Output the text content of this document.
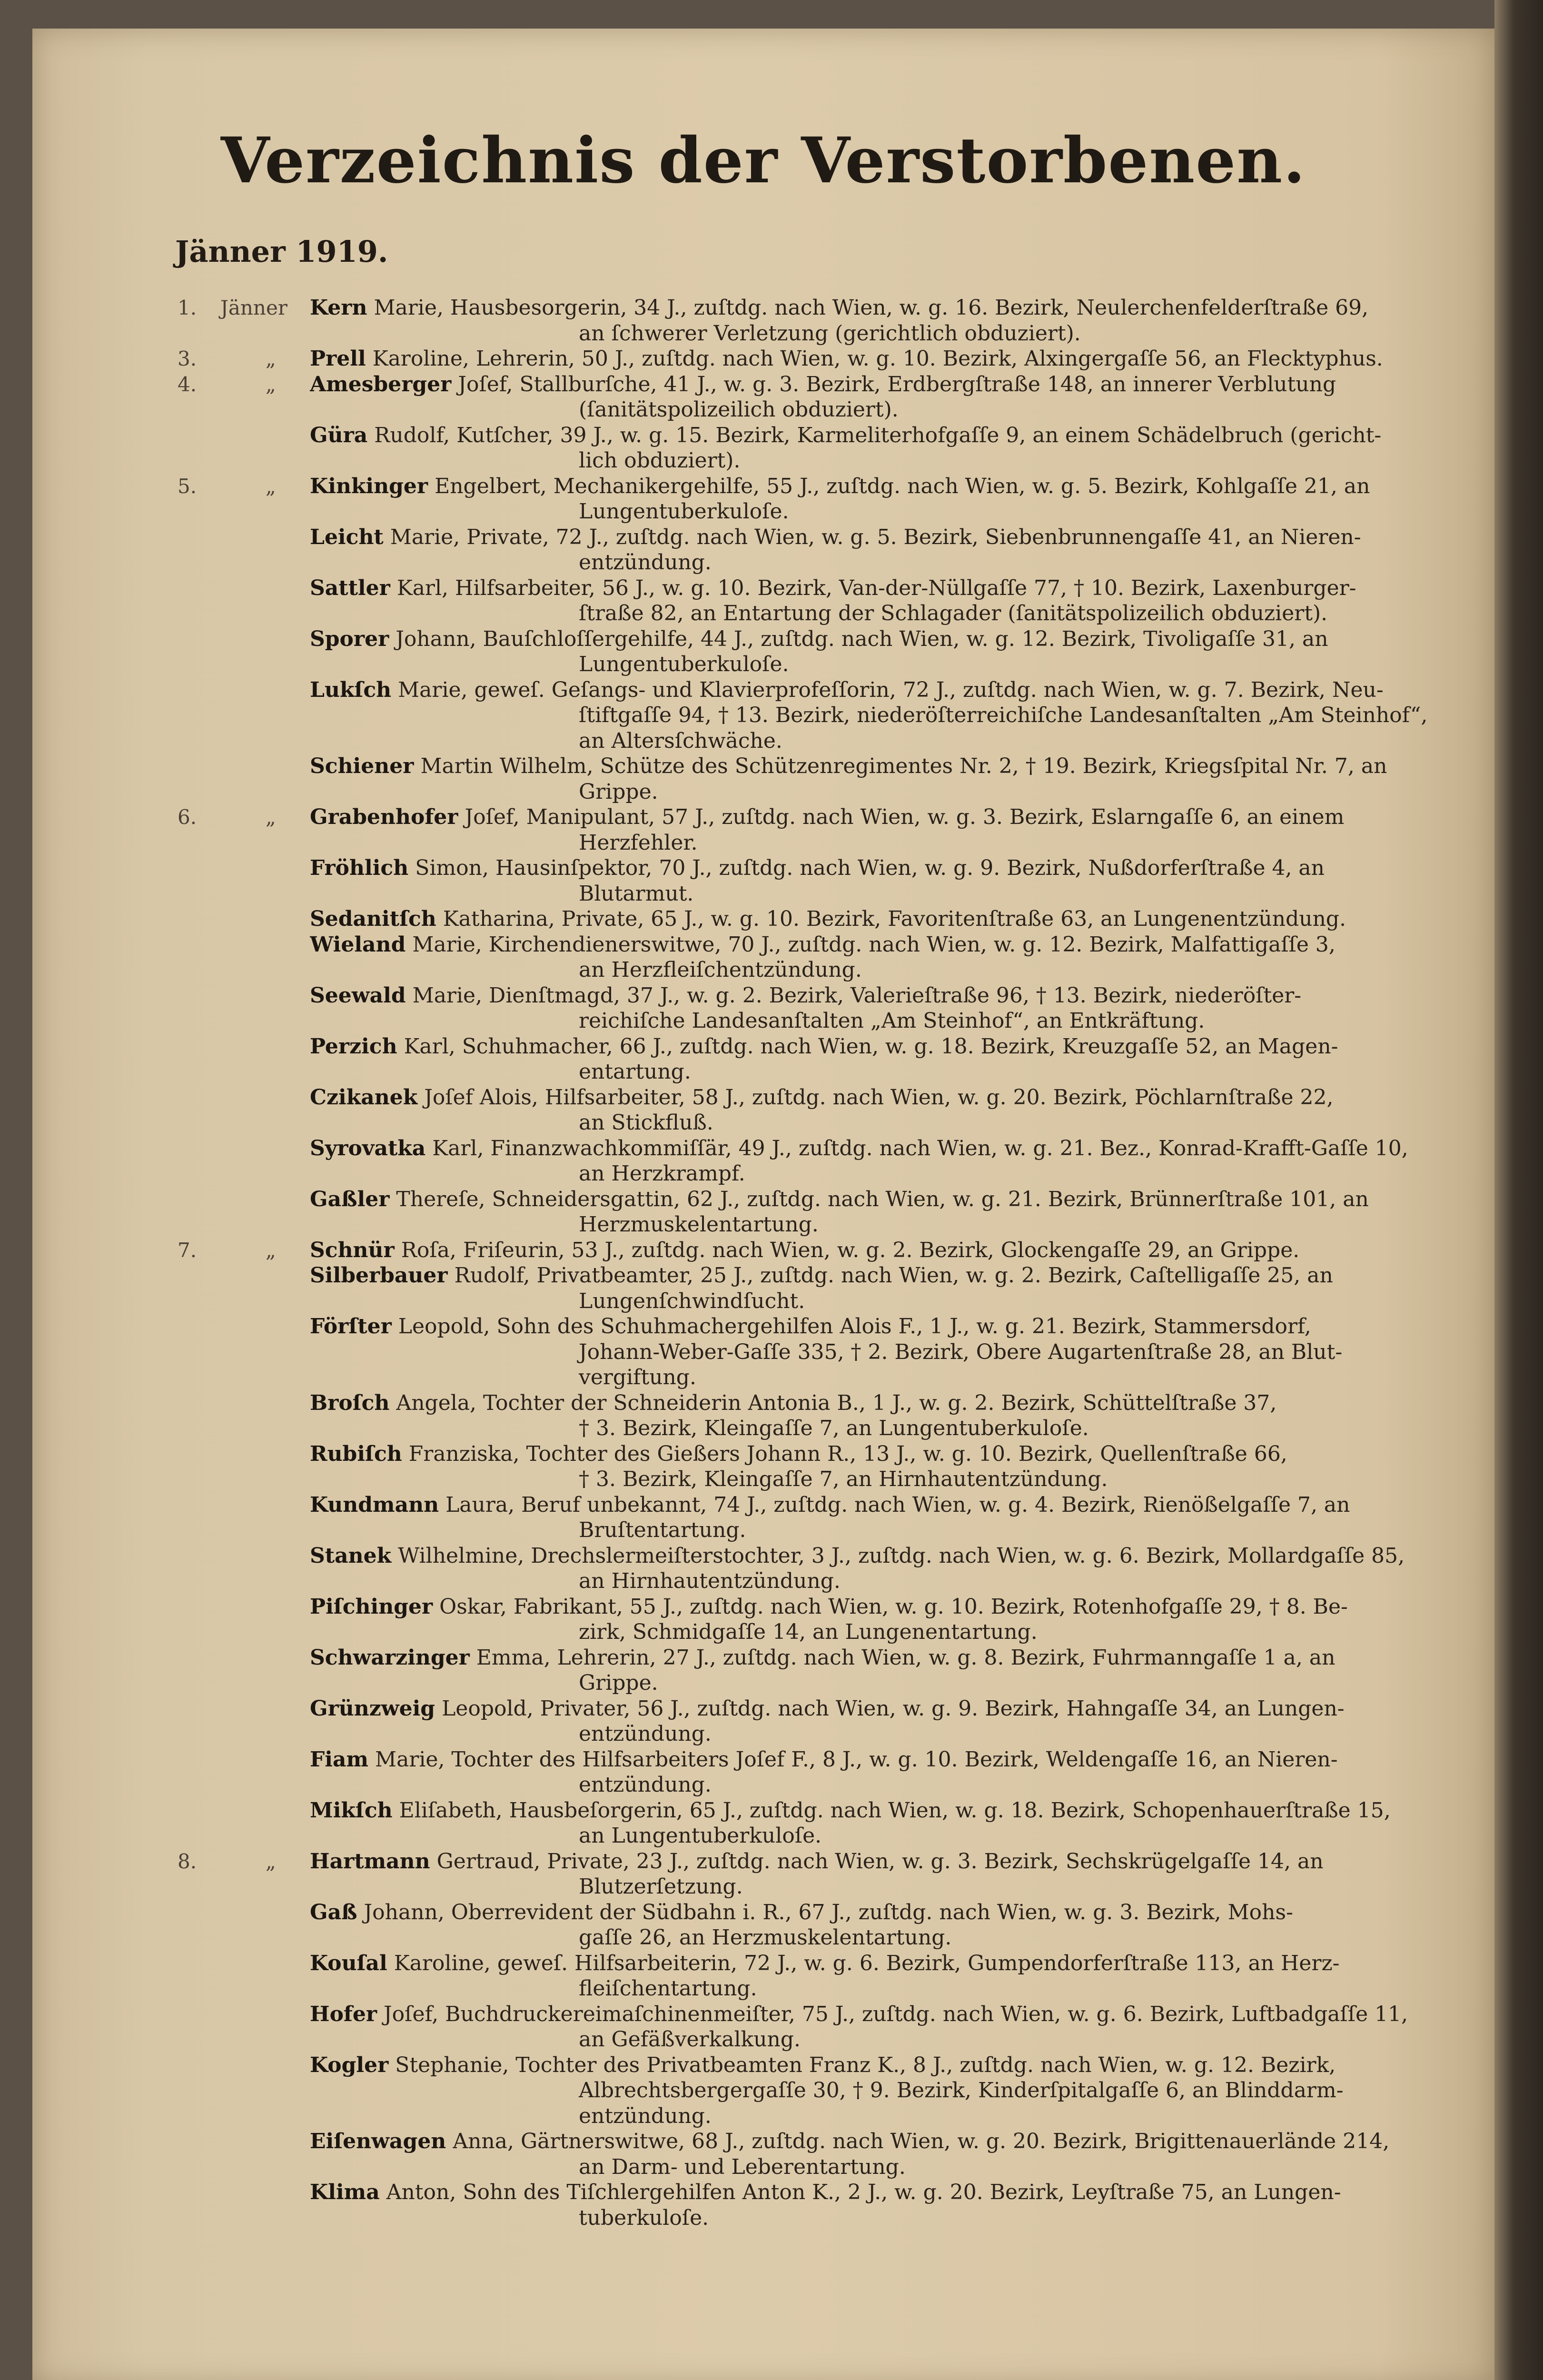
Verzeichnis der Verstorbenen.
Jänner 1919.
1.	Jänner Kern Marie, Hausbesorgerin, 34 J., zuſtdg. nach Wien, w. g. 16. Bezirk, Neulerchenfelderſtraße 69,
an ſchwerer Verletzung (gerichtlich obduziert).
3.	„ Prell Karoline, Lehrerin, 50 J., zuſtdg. nach Wien, w. g. 10. Bezirk, Alxingergaſſe 56, an Flecktyphus.
4.	„ Amesberger Joſef, Stallburſche, 41 J., w. g. 3. Bezirk, Erdbergſtraße 148, an innerer Verblutung
(ſanitätspolizeilich obduziert).
Güra Rudolf, Kutſcher, 39 J., w. g. 15. Bezirk, Karmeliterhofgaſſe 9, an einem Schädelbruch (gericht-
lich obduziert).
5.	„ Kinkinger Engelbert, Mechanikergehilfe, 55 J., zuſtdg. nach Wien, w. g. 5. Bezirk, Kohlgaſſe 21, an
Lungentuberkuloſe.
Leicht Marie, Private, 72 J., zuſtdg. nach Wien, w. g. 5. Bezirk, Siebenbrunnengaſſe 41, an Nieren-
entzündung.
Sattler Karl, Hilfsarbeiter, 56 J., w. g. 10. Bezirk, Van-der-Nüllgaſſe 77, † 10. Bezirk, Laxenburger-
ſtraße 82, an Entartung der Schlagader (ſanitätspolizeilich obduziert).
Sporer Johann, Bauſchloſſergehilfe, 44 J., zuſtdg. nach Wien, w. g. 12. Bezirk, Tivoligaſſe 31, an
Lungentuberkuloſe.
Lukſch Marie, geweſ. Geſangs- und Klavierprofeſſorin, 72 J., zuſtdg. nach Wien, w. g. 7. Bezirk, Neu-
ſtiftgaſſe 94, † 13. Bezirk, niederöſterreichiſche Landesanſtalten „Am Steinhof“,
an Altersſchwäche.
Schiener Martin Wilhelm, Schütze des Schützenregimentes Nr. 2, † 19. Bezirk, Kriegsſpital Nr. 7, an
Grippe.
6.	„ Grabenhofer Joſef, Manipulant, 57 J., zuſtdg. nach Wien, w. g. 3. Bezirk, Eslarngaſſe 6, an einem
Herzfehler.
Fröhlich Simon, Hausinſpektor, 70 J., zuſtdg. nach Wien, w. g. 9. Bezirk, Nußdorferſtraße 4, an
Blutarmut.
Sedanitſch Katharina, Private, 65 J., w. g. 10. Bezirk, Favoritenſtraße 63, an Lungenentzündung.
Wieland Marie, Kirchendienerswitwe, 70 J., zuſtdg. nach Wien, w. g. 12. Bezirk, Malfattigaſſe 3,
an Herzfleiſchentzündung.
Seewald Marie, Dienſtmagd, 37 J., w. g. 2. Bezirk, Valerieſtraße 96, † 13. Bezirk, niederöſter-
reichiſche Landesanſtalten „Am Steinhof“, an Entkräftung.
Perzich Karl, Schuhmacher, 66 J., zuſtdg. nach Wien, w. g. 18. Bezirk, Kreuzgaſſe 52, an Magen-
entartung.
Czikanek Joſef Alois, Hilfsarbeiter, 58 J., zuſtdg. nach Wien, w. g. 20. Bezirk, Pöchlarnſtraße 22,
an Stickfluß.
Syrovatka Karl, Finanzwachkommiſſär, 49 J., zuſtdg. nach Wien, w. g. 21. Bez., Konrad-Krafft-Gaſſe 10,
an Herzkrampf.
Gaßler Thereſe, Schneidersgattin, 62 J., zuſtdg. nach Wien, w. g. 21. Bezirk, Brünnerſtraße 101, an
Herzmuskelentartung.
7.	„ Schnür Roſa, Friſeurin, 53 J., zuſtdg. nach Wien, w. g. 2. Bezirk, Glockengaſſe 29, an Grippe.
Silberbauer Rudolf, Privatbeamter, 25 J., zuſtdg. nach Wien, w. g. 2. Bezirk, Caſtelligaſſe 25, an
Lungenſchwindſucht.
Förſter Leopold, Sohn des Schuhmachergehilfen Alois F., 1 J., w. g. 21. Bezirk, Stammersdorf,
Johann-Weber-Gaſſe 335, † 2. Bezirk, Obere Augartenſtraße 28, an Blut-
vergiftung.
Broſch Angela, Tochter der Schneiderin Antonia B., 1 J., w. g. 2. Bezirk, Schüttelſtraße 37,
† 3. Bezirk, Kleingaſſe 7, an Lungentuberkuloſe.
Rubiſch Franziska, Tochter des Gießers Johann R., 13 J., w. g. 10. Bezirk, Quellenſtraße 66,
† 3. Bezirk, Kleingaſſe 7, an Hirnhautentzündung.
Kundmann Laura, Beruf unbekannt, 74 J., zuſtdg. nach Wien, w. g. 4. Bezirk, Rienößelgaſſe 7, an
Bruſtentartung.
Stanek Wilhelmine, Drechslermeiſterstochter, 3 J., zuſtdg. nach Wien, w. g. 6. Bezirk, Mollardgaſſe 85,
an Hirnhautentzündung.
Piſchinger Oskar, Fabrikant, 55 J., zuſtdg. nach Wien, w. g. 10. Bezirk, Rotenhofgaſſe 29, † 8. Be-
zirk, Schmidgaſſe 14, an Lungenentartung.
Schwarzinger Emma, Lehrerin, 27 J., zuſtdg. nach Wien, w. g. 8. Bezirk, Fuhrmanngaſſe 1 a, an
Grippe.
Grünzweig Leopold, Privater, 56 J., zuſtdg. nach Wien, w. g. 9. Bezirk, Hahngaſſe 34, an Lungen-
entzündung.
Fiam Marie, Tochter des Hilfsarbeiters Joſef F., 8 J., w. g. 10. Bezirk, Weldengaſſe 16, an Nieren-
entzündung.
Mikſch Eliſabeth, Hausbeſorgerin, 65 J., zuſtdg. nach Wien, w. g. 18. Bezirk, Schopenhauerſtraße 15,
an Lungentuberkuloſe.
8.	„ Hartmann Gertraud, Private, 23 J., zuſtdg. nach Wien, w. g. 3. Bezirk, Sechskrügelgaſſe 14, an
Blutzerſetzung.
Gaß Johann, Oberrevident der Südbahn i. R., 67 J., zuſtdg. nach Wien, w. g. 3. Bezirk, Mohs-
gaſſe 26, an Herzmuskelentartung.
Kouſal Karoline, geweſ. Hilfsarbeiterin, 72 J., w. g. 6. Bezirk, Gumpendorferſtraße 113, an Herz-
fleiſchentartung.
Hofer Joſef, Buchdruckereimaſchinenmeiſter, 75 J., zuſtdg. nach Wien, w. g. 6. Bezirk, Luftbadgaſſe 11,
an Gefäßverkalkung.
Kogler Stephanie, Tochter des Privatbeamten Franz K., 8 J., zuſtdg. nach Wien, w. g. 12. Bezirk,
Albrechtsbergergaſſe 30, † 9. Bezirk, Kinderſpitalgaſſe 6, an Blinddarm-
entzündung.
Eiſenwagen Anna, Gärtnerswitwe, 68 J., zuſtdg. nach Wien, w. g. 20. Bezirk, Brigittenauerlände 214,
an Darm- und Leberentartung.
Klima Anton, Sohn des Tiſchlergehilfen Anton K., 2 J., w. g. 20. Bezirk, Leyſtraße 75, an Lungen-
tuberkuloſe.
